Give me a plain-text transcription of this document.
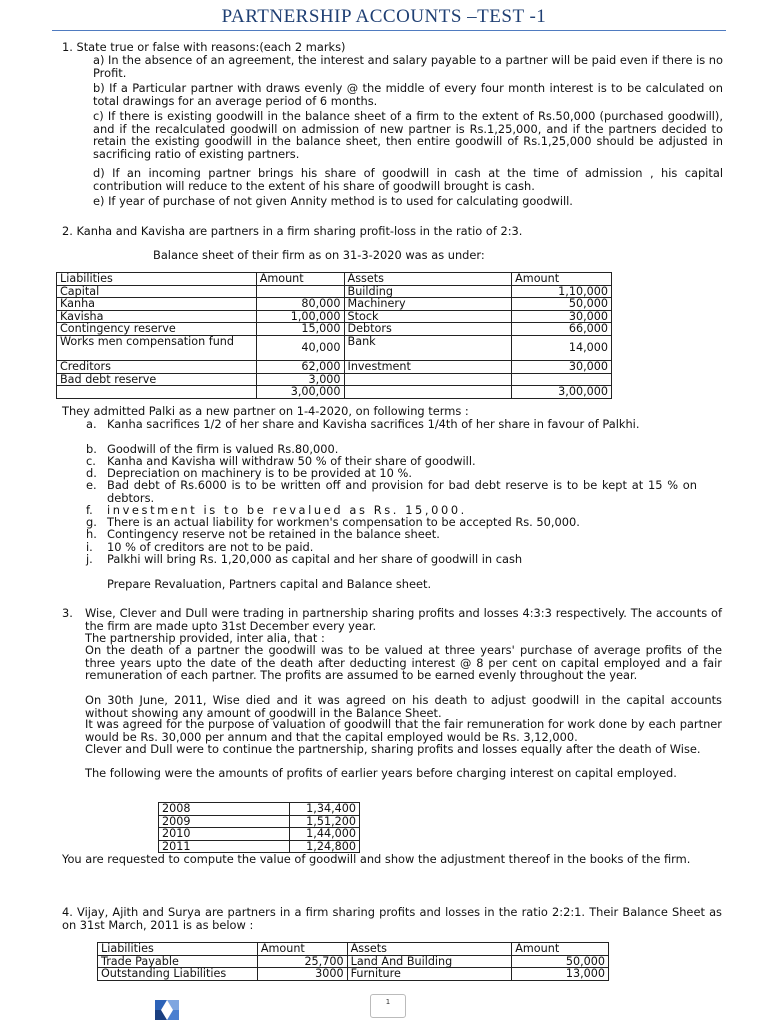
PARTNERSHIP ACCOUNTS –TEST -1
1. State true or false with reasons:(each 2 marks)
a) In the absence of an agreement, the interest and salary payable to a partner will be paid even if there is no Profit.
b) If a Particular partner with draws evenly @ the middle of every four month interest is to be calculated on total drawings for an average period of 6 months.
c) If there is existing goodwill in the balance sheet of a firm to the extent of Rs.50,000 (purchased goodwill), and if the recalculated goodwill on admission of new partner is Rs.1,25,000, and if the partners decided to retain the existing goodwill in the balance sheet, then entire goodwill of Rs.1,25,000 should be adjusted in sacrificing ratio of existing partners.
d) If an incoming partner brings his share of goodwill in cash at the time of admission , his capital contribution will reduce to the extent of his share of goodwill brought is cash.
e) If year of purchase of not given Annity method is to used for calculating goodwill.
2. Kanha and Kavisha are partners in a firm sharing profit-loss in the ratio of 2:3.
Balance sheet of their firm as on 31-3-2020 was as under:
Liabilities	Amount	Assets	Amount
Capital		Building	1,10,000
Kanha	80,000	Machinery	50,000
Kavisha	1,00,000	Stock	30,000
Contingency reserve	15,000	Debtors	66,000
Works men compensation fund	40,000	Bank	14,000
Creditors	62,000	Investment	30,000
Bad debt reserve	3,000		
	3,00,000		3,00,000
They admitted Palki as a new partner on 1-4-2020, on following terms :
a. Kanha sacrifices 1/2 of her share and Kavisha sacrifices 1/4th of her share in favour of Palkhi.
b. Goodwill of the firm is valued Rs.80,000.
c. Kanha and Kavisha will withdraw 50 % of their share of goodwill.
d. Depreciation on machinery is to be provided at 10 %.
e. Bad debt of Rs.6000 is to be written off and provision for bad debt reserve is to be kept at 15 % on debtors.
f. investment is to be revalued as Rs. 15,000.
g. There is an actual liability for workmen's compensation to be accepted Rs. 50,000.
h. Contingency reserve not be retained in the balance sheet.
i. 10 % of creditors are not to be paid.
j. Palkhi will bring Rs. 1,20,000 as capital and her share of goodwill in cash
Prepare Revaluation, Partners capital and Balance sheet.
3. Wise, Clever and Dull were trading in partnership sharing profits and losses 4:3:3 respectively. The accounts of the firm are made upto 31st December every year.
The partnership provided, inter alia, that :
On the death of a partner the goodwill was to be valued at three years' purchase of average profits of the three years upto the date of the death after deducting interest @ 8 per cent on capital employed and a fair remuneration of each partner. The profits are assumed to be earned evenly throughout the year.
On 30th June, 2011, Wise died and it was agreed on his death to adjust goodwill in the capital accounts without showing any amount of goodwill in the Balance Sheet.
It was agreed for the purpose of valuation of goodwill that the fair remuneration for work done by each partner would be Rs. 30,000 per annum and that the capital employed would be Rs. 3,12,000.
Clever and Dull were to continue the partnership, sharing profits and losses equally after the death of Wise.
The following were the amounts of profits of earlier years before charging interest on capital employed.
2008	1,34,400
2009	1,51,200
2010	1,44,000
2011	1,24,800
You are requested to compute the value of goodwill and show the adjustment thereof in the books of the firm.
4. Vijay, Ajith and Surya are partners in a firm sharing profits and losses in the ratio 2:2:1. Their Balance Sheet as on 31st March, 2011 is as below :
Liabilities	Amount	Assets	Amount
Trade Payable	25,700	Land And Building	50,000
Outstanding Liabilities	3000	Furniture	13,000
1
